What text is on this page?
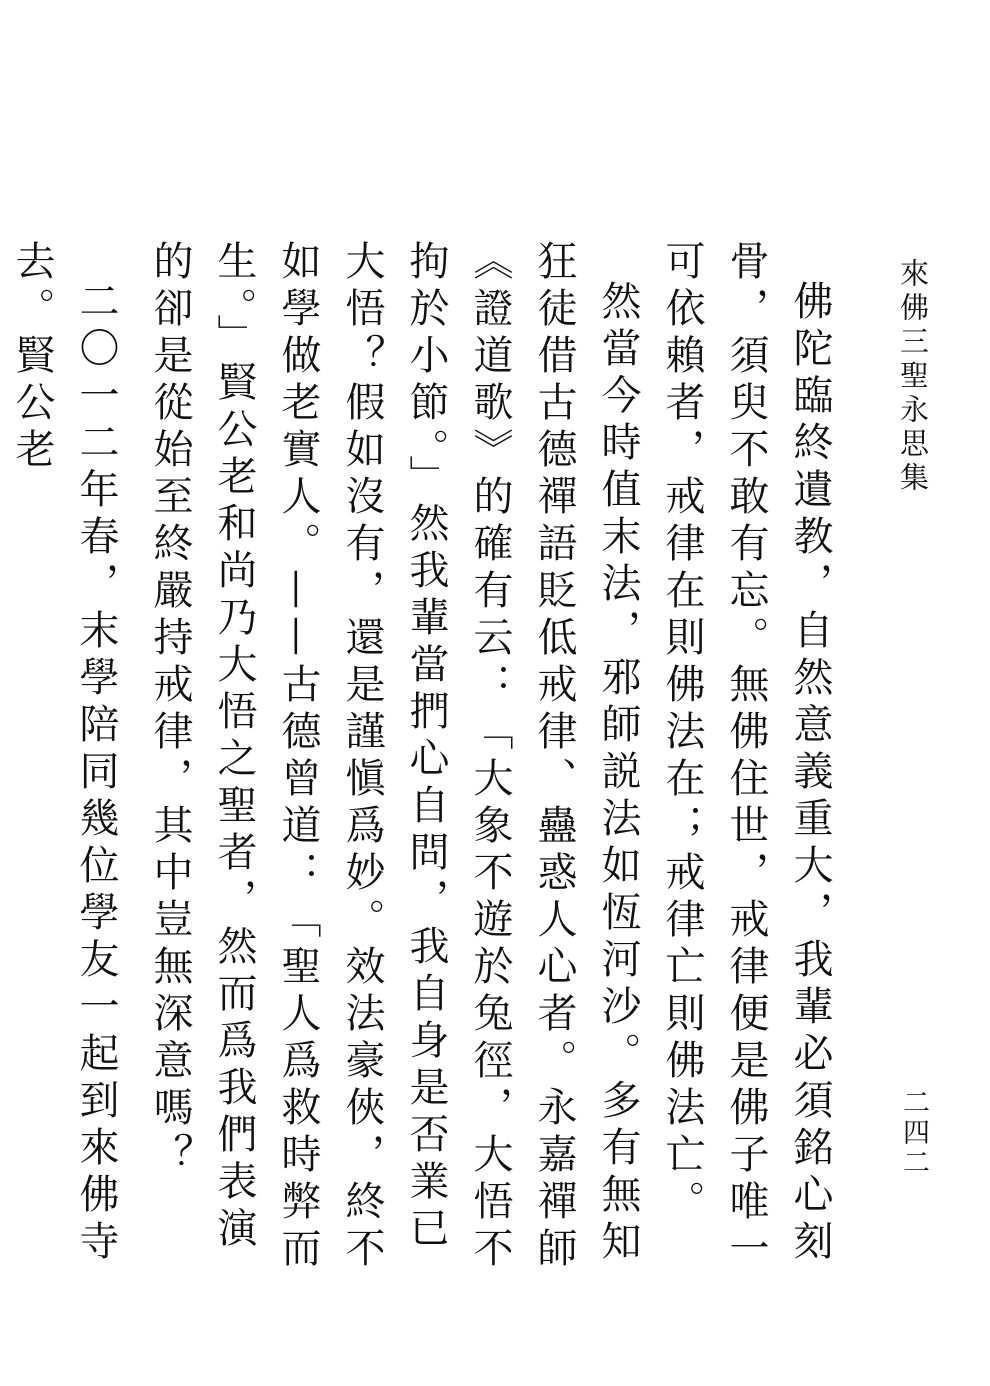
來佛三聖永思集
二四二

佛陀臨終遺教，自然意義重大，我輩必須銘心刻骨，須臾不敢有忘。無佛住世，戒律便是佛子唯一可依賴者，戒律在則佛法在；戒律亡則佛法亡。

然當今時值末法，邪師説法如恆河沙。多有無知狂徒借古德禪語貶低戒律、蠱惑人心者。永嘉禪師《證道歌》的確有云：「大象不遊於兔徑，大悟不拘於小節。」然我輩當捫心自問，我自身是否業已大悟？假如沒有，還是謹愼爲妙。效法豪俠，終不如學做老實人。——古德曾道：「聖人爲救時弊而生。」賢公老和尚乃大悟之聖者，然而爲我們表演的卻是從始至終嚴持戒律，其中豈無深意嗎？

二〇一二年春，末學陪同幾位學友一起到來佛寺去。賢公老
